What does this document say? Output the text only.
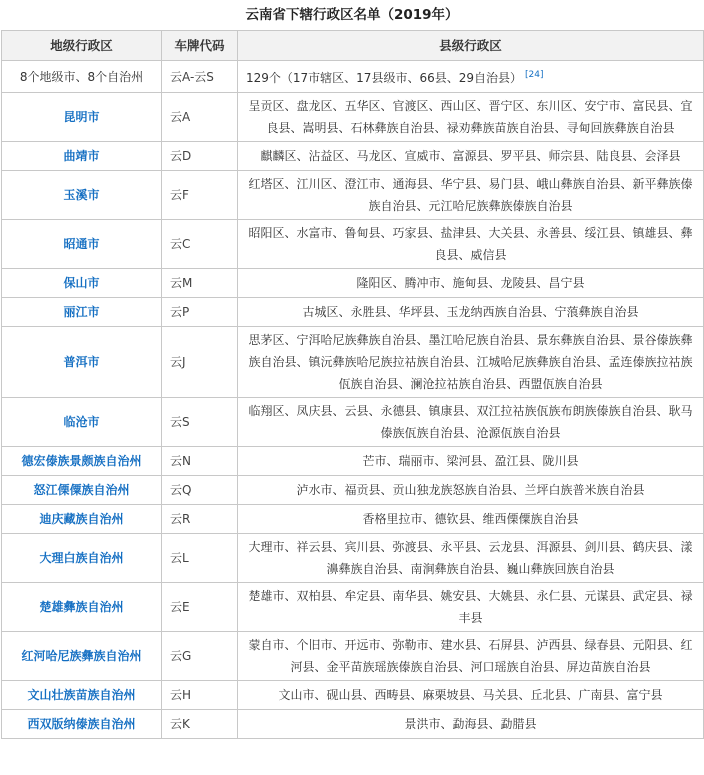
云南省下辖行政区名单（2019年）
地级行政区	车牌代码	县级行政区
8个地级市、8个自治州	云A-云S	129个（17市辖区、17县级市、66县、29自治县） [24]
昆明市	云A	呈贡区、盘龙区、五华区、官渡区、西山区、晋宁区、东川区、安宁市、富民县、宜良县、嵩明县、石林彝族自治县、禄劝彝族苗族自治县、寻甸回族彝族自治县
曲靖市	云D	麒麟区、沾益区、马龙区、宣威市、富源县、罗平县、师宗县、陆良县、会泽县
玉溪市	云F	红塔区、江川区、澄江市、通海县、华宁县、易门县、峨山彝族自治县、新平彝族傣族自治县、元江哈尼族彝族傣族自治县
昭通市	云C	昭阳区、水富市、鲁甸县、巧家县、盐津县、大关县、永善县、绥江县、镇雄县、彝良县、威信县
保山市	云M	隆阳区、腾冲市、施甸县、龙陵县、昌宁县
丽江市	云P	古城区、永胜县、华坪县、玉龙纳西族自治县、宁蒗彝族自治县
普洱市	云J	思茅区、宁洱哈尼族彝族自治县、墨江哈尼族自治县、景东彝族自治县、景谷傣族彝族自治县、镇沅彝族哈尼族拉祜族自治县、江城哈尼族彝族自治县、孟连傣族拉祜族佤族自治县、澜沧拉祜族自治县、西盟佤族自治县
临沧市	云S	临翔区、凤庆县、云县、永德县、镇康县、双江拉祜族佤族布朗族傣族自治县、耿马傣族佤族自治县、沧源佤族自治县
德宏傣族景颇族自治州	云N	芒市、瑞丽市、梁河县、盈江县、陇川县
怒江傈僳族自治州	云Q	泸水市、福贡县、贡山独龙族怒族自治县、兰坪白族普米族自治县
迪庆藏族自治州	云R	香格里拉市、德钦县、维西傈僳族自治县
大理白族自治州	云L	大理市、祥云县、宾川县、弥渡县、永平县、云龙县、洱源县、剑川县、鹤庆县、漾濞彝族自治县、南涧彝族自治县、巍山彝族回族自治县
楚雄彝族自治州	云E	楚雄市、双柏县、牟定县、南华县、姚安县、大姚县、永仁县、元谋县、武定县、禄丰县
红河哈尼族彝族自治州	云G	蒙自市、个旧市、开远市、弥勒市、建水县、石屏县、泸西县、绿春县、元阳县、红河县、金平苗族瑶族傣族自治县、河口瑶族自治县、屏边苗族自治县
文山壮族苗族自治州	云H	文山市、砚山县、西畴县、麻栗坡县、马关县、丘北县、广南县、富宁县
西双版纳傣族自治州	云K	景洪市、勐海县、勐腊县
